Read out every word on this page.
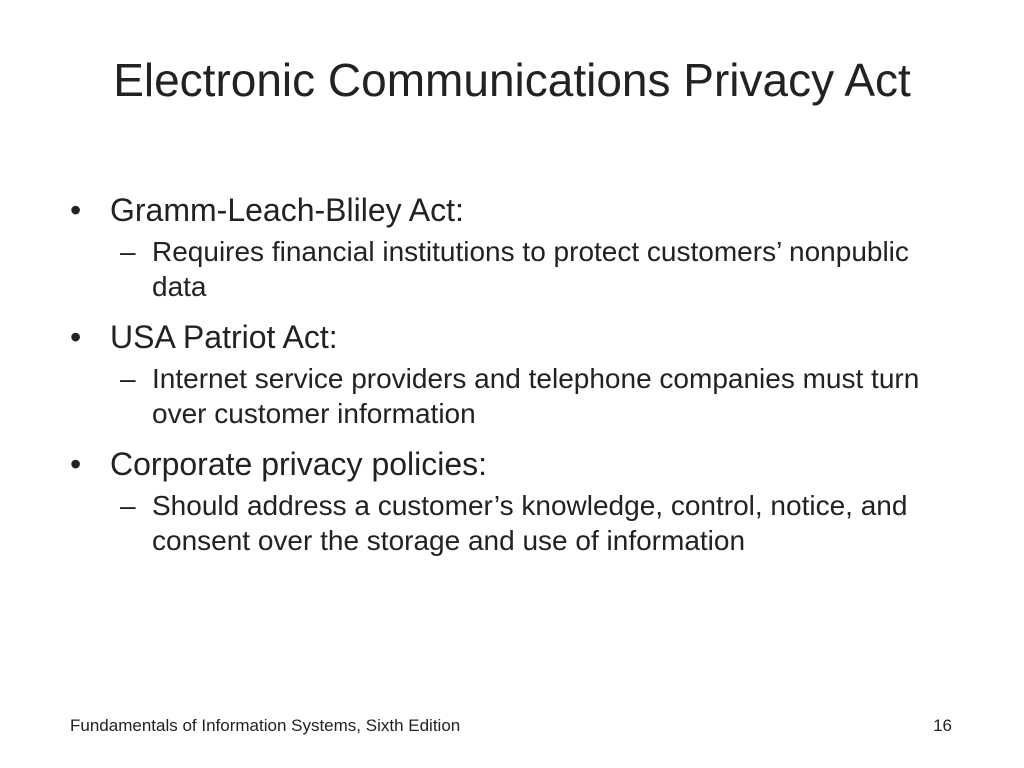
Electronic Communications Privacy Act
• Gramm-Leach-Bliley Act:
– Requires financial institutions to protect customers’ nonpublic data
• USA Patriot Act:
– Internet service providers and telephone companies must turn over customer information
• Corporate privacy policies:
– Should address a customer’s knowledge, control, notice, and consent over the storage and use of information
Fundamentals of Information Systems, Sixth Edition	16
